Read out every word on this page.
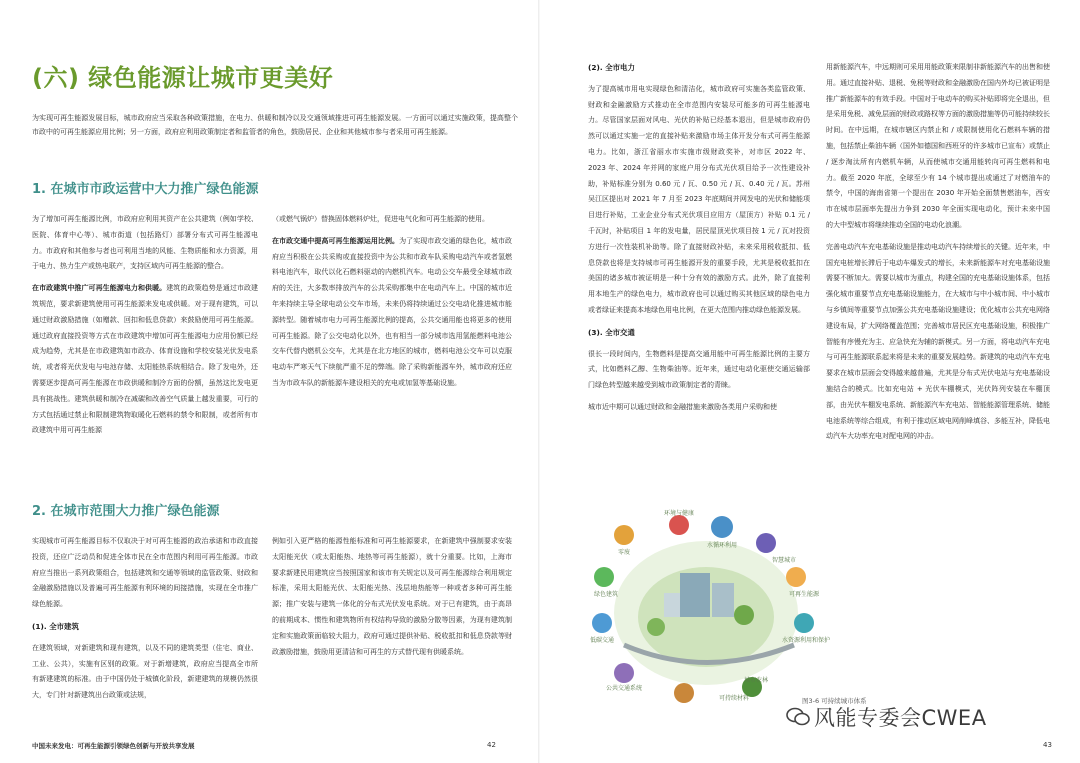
(六) 绿色能源让城市更美好

为实现可再生能源发展目标，城市政府应当采取各种政策措施，在电力、供暖和制冷以及交通领域推进可再生能源发展。一方面可以通过实施政策，提高整个市政中的可再生能源应用比例；另一方面，政府应利用政策制定者和监管者的角色，鼓励居民、企业和其他城市参与者采用可再生能源。

1. 在城市市政运营中大力推广绿色能源

为了增加可再生能源比例，市政府应利用其资产在公共建筑（例如学校、医院、体育中心等）、城市街道（包括路灯）部署分布式可再生能源电力。市政府和其他参与者也可利用当地的风能、生物质能和水力资源，用于电力、热力生产或热电联产，支持区域内可再生能源的整合。

在市政建筑中推广可再生能源电力和供暖。建筑的政策趋势是通过市政建筑规范，要求新建筑使用可再生能源来发电或供暖。对于现有建筑，可以通过财政激励措施（如赠款、回扣和低息贷款）来鼓励使用可再生能源。通过政府直接投资等方式在市政建筑中增加可再生能源电力应用份额已经成为趋势，尤其是在市政建筑如市政办、体育设施和学校安装光伏发电系统，或者将光伏发电与电池存储、太阳能热系统相结合。除了发电外，还需要逐步提高可再生能源在市政供暖和制冷方面的份额，虽然这比发电更具有挑战性。建筑供暖和制冷在减碳和改善空气质量上越发重要，可行的方式包括通过禁止和限制建筑物取暖化石燃料的禁令和限制，或者所有市政建筑中用可再生能源

（或燃气锅炉）替换固体燃料炉灶，促进电气化和可再生能源的使用。

在市政交通中提高可再生能源运用比例。为了实现市政交通的绿色化，城市政府应当积极在公共采购或直接投资中为公共和市政车队采购电动汽车或者氢燃料电池汽车，取代以化石燃料驱动的内燃机汽车。电动公交车最受全球城市政府的关注，大多数率排放汽车的公共采购都集中在电动汽车上。中国的城市近年来持续主导全球电动公交车市场，未来仍将持续通过公交电动化推进城市能源转型。随着城市电力可再生能源比例的提高，公共交通用能也将更多的使用可再生能源。除了公交电动化以外，也有相当一部分城市选用氢能燃料电池公交车代替内燃机公交车，尤其是在北方地区的城市，燃料电池公交车可以克服电动车严寒天气下续航严重不足的弊端。除了采购新能源车外，城市政府还应当为市政车队的新能源车建设相关的充电或加氢等基础设施。

2. 在城市范围大力推广绿色能源

实现城市可再生能源目标不仅取决于对可再生能源的政治承诺和市政直接投资，还应广泛动员和促进全体市民在全市范围内利用可再生能源。市政府应当推出一系列政策组合，包括建筑和交通等领域的监管政策、财政和金融激励措施以及普遍可再生能源有利环境的间接措施，实现在全市推广绿色能源。

(1). 全市建筑

在建筑领域，对新建筑和现有建筑，以及不同的建筑类型（住宅、商业、工业、公共），实施有区别的政策。对于新增建筑，政府应当提高全市所有新建建筑的标准。由于中国仍处于城镇化阶段，新建建筑的规模仍然很大，专门针对新建筑出台政策或法规，

例如引入更严格的能源性能标准和可再生能源要求，在新建筑中强制要求安装太阳能光伏（或太阳能热、地热等可再生能源），就十分重要。比如，上海市要求新建民用建筑应当按照国家和该市有关规定以及可再生能源综合利用规定标准，采用太阳能光伏、太阳能光热、浅层地热能等一种或者多种可再生能源；推广安装与建筑一体化的分布式光伏发电系统。对于已有建筑，由于高昂的前期成本、惯性和建筑物所有权结构导致的激励分散等因素，为现有建筑制定和实施政策面临较大阻力，政府可通过提供补贴、税收抵扣和低息贷款等财政激励措施，鼓励用更清洁和可再生的方式替代现有供暖系统。

中国未来发电：可再生能源引领绿色创新与开放共享发展	42
(2). 全市电力

为了提高城市用电实现绿色和清洁化，城市政府可实施各类监管政策、财政和金融激励方式推动在全市范围内安装尽可能多的可再生能源电力。尽管国家层面对风电、光伏的补贴已经基本退出，但是城市政府仍然可以通过实施一定的直接补贴来激励市场主体开发分布式可再生能源电力。比如，浙江省丽水市实施市级财政奖补，对市区 2022 年、2023 年、2024 年并网的家庭户用分布式光伏项目给予一次性建设补助，补贴标准分别为 0.60 元 / 瓦、0.50 元 / 瓦、0.40 元 / 瓦。苏州吴江区提出对 2021 年 7 月至 2023 年底期间并网发电的光伏和储能项目进行补贴，工业企业分布式光伏项目应用方（屋顶方）补贴 0.1 元 / 千瓦时，补贴项目 1 年的发电量，居民屋顶光伏项目按 1 元 / 瓦对投资方进行一次性装机补助等。除了直接财政补贴，未来采用税收抵扣、低息贷款也将是支持城市可再生能源开发的重要手段，尤其是税收抵扣在美国的诸多城市被证明是一种十分有效的激励方式。此外，除了直接利用本地生产的绿色电力，城市政府也可以通过购买其他区域的绿色电力或者绿证来提高本地绿色用电比例，在更大范围内推动绿色能源发展。

(3). 全市交通

很长一段时间内，生物燃料是提高交通用能中可再生能源比例的主要方式，比如燃料乙醇、生物柴油等。近年来，通过电动化驱使交通运输部门绿色转型越来越受到城市政策制定者的青睐。

城市近中期可以通过财政和金融措施来激励各类用户采购和使

用新能源汽车，中远期则可采用用能政策来限制非新能源汽车的出售和使用。通过直接补贴、退税、免税等财政和金融激励在国内外均已被证明是推广新能源车的有效手段。中国对于电动车的购买补贴即将完全退出，但是采用免税、减免层面的财政或路权等方面的激励措施等仍可能持续较长时间。在中远期，在城市辖区内禁止和 / 或限制使用化石燃料车辆的措施，包括禁止柴油车辆（国外如德国和西班牙的许多城市已宣布）或禁止 / 逐步淘汰所有内燃机车辆，从而使城市交通用能转向可再生燃料和电力。截至 2020 年底，全球至少有 14 个城市提出或通过了对燃油车的禁令，中国的海南省第一个提出在 2030 年开始全面禁售燃油车，西安市在城市层面率先提出力争到 2030 年全面实现电动化，预计未来中国的大中型城市将继续推动全国的电动化浪潮。

完善电动汽车充电基础设施是推动电动汽车持续增长的关键。近年来，中国充电桩增长滞后于电动车爆发式的增长，未来新能源车对充电基础设施需要不断加大。需要以城市为重点，构建全国的充电基础设施体系，包括强化城市重要节点充电基础设施能力，在大城市与中小城市间、中小城市与乡镇间等重要节点加强公共充电基础设施建设；优化城市公共充电网络建设布局，扩大网络覆盖范围；完善城市居民区充电基础设施，积极推广智能有序慢充为主、应急快充为辅的新模式。另一方面，将电动汽车充电与可再生能源联系起来将是未来的重要发展趋势。新建筑的电动汽车充电要求在城市层面会变得越来越普遍，尤其是分布式光伏电站与充电基础设施结合的模式。比如充电站 + 光伏车棚模式，光伏阵列安装在车棚顶部，由光伏车棚发电系统、新能源汽车充电站、智能能源管理系统、储能电池系统等综合组成，有利于推动区域电网削峰填谷、多能互补，降低电动汽车大功率充电对配电网的冲击。

水循环利用
零废
环境与健康
智慧城市
绿色建筑	可再生能源
水资源利用和保护
低碳交通
公共交通系统
可持续材料
城市农林
图3-6 可持续城市体系
风能专委会CWEA
43
